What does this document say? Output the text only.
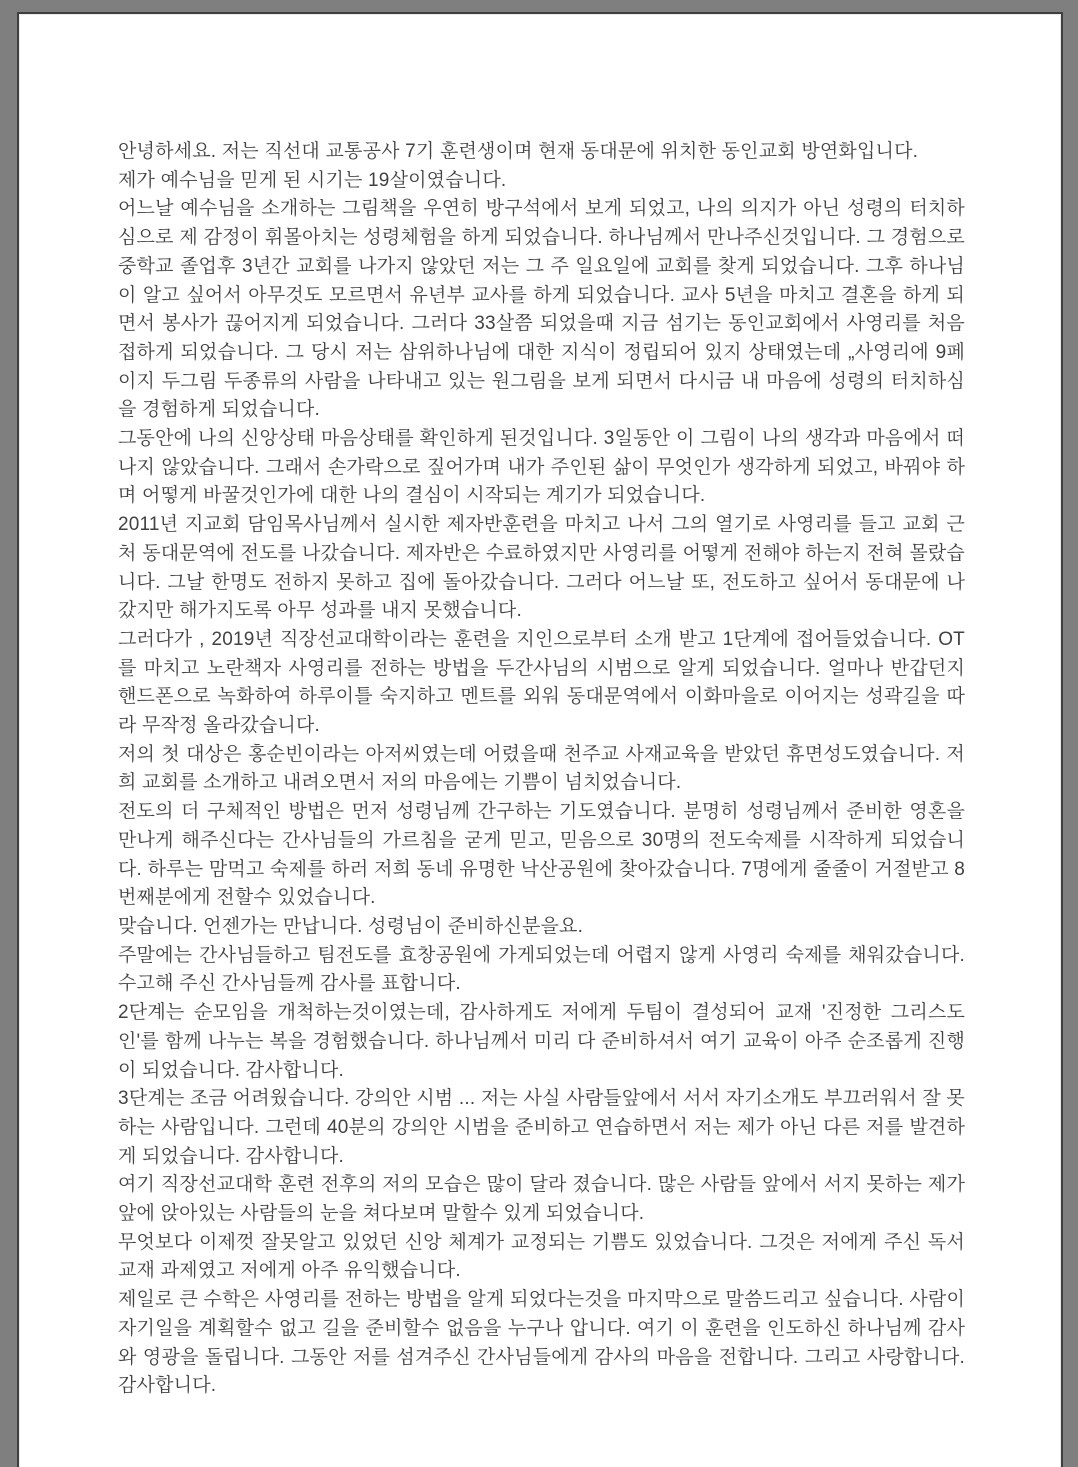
안녕하세요. 저는 직선대 교통공사 7기 훈련생이며 현재 동대문에 위치한 동인교회 방연화입니다.

제가 예수님을 믿게 된 시기는 19살이였습니다.

어느날 예수님을 소개하는 그림책을 우연히 방구석에서 보게 되었고, 나의 의지가 아닌 성령의 터치하심으로 제 감정이 휘몰아치는 성령체험을 하게 되었습니다. 하나님께서 만나주신것입니다. 그 경험으로 중학교 졸업후 3년간 교회를 나가지 않았던 저는 그 주 일요일에 교회를 찾게 되었습니다. 그후 하나님이 알고 싶어서 아무것도 모르면서 유년부 교사를 하게 되었습니다. 교사 5년을 마치고 결혼을 하게 되면서 봉사가 끊어지게 되었습니다. 그러다 33살쯤 되었을때 지금 섬기는 동인교회에서 사영리를 처음 접하게 되었습니다. 그 당시 저는 삼위하나님에 대한 지식이 정립되어 있지 상태였는데 „사영리에 9페이지 두그림 두종류의 사람을 나타내고 있는 원그림을 보게 되면서 다시금 내 마음에 성령의 터치하심을 경험하게 되었습니다.

그동안에 나의 신앙상태 마음상태를 확인하게 된것입니다. 3일동안 이 그림이 나의 생각과 마음에서 떠나지 않았습니다. 그래서 손가락으로 짚어가며 내가 주인된 삶이 무엇인가 생각하게 되었고, 바꿔야 하며 어떻게 바꿀것인가에 대한 나의 결심이 시작되는 계기가 되었습니다.

2011년 지교회 담임목사님께서 실시한 제자반훈련을 마치고 나서 그의 열기로 사영리를 들고 교회 근처 동대문역에 전도를 나갔습니다. 제자반은 수료하였지만 사영리를 어떻게 전해야 하는지 전혀 몰랐습니다. 그날 한명도 전하지 못하고 집에 돌아갔습니다. 그러다 어느날 또, 전도하고 싶어서 동대문에 나갔지만 해가지도록 아무 성과를 내지 못했습니다.

그러다가 , 2019년 직장선교대학이라는 훈련을 지인으로부터 소개 받고 1단계에 접어들었습니다. OT를 마치고 노란책자 사영리를 전하는 방법을 두간사님의 시범으로 알게 되었습니다. 얼마나 반갑던지 핸드폰으로 녹화하여 하루이틀 숙지하고 멘트를 외워 동대문역에서 이화마을로 이어지는 성곽길을 따라 무작정 올라갔습니다.

저의 첫 대상은 홍순빈이라는 아저씨였는데 어렸을때 천주교 사재교육을 받았던 휴면성도였습니다. 저희 교회를 소개하고 내려오면서 저의 마음에는 기쁨이 넘치었습니다.

전도의 더 구체적인 방법은 먼저 성령님께 간구하는 기도였습니다. 분명히 성령님께서 준비한 영혼을 만나게 해주신다는 간사님들의 가르침을 굳게 믿고, 믿음으로 30명의 전도숙제를 시작하게 되었습니다. 하루는 맘먹고 숙제를 하러 저희 동네 유명한 낙산공원에 찾아갔습니다. 7명에게 줄줄이 거절받고 8번째분에게 전할수 있었습니다.

맞습니다. 언젠가는 만납니다. 성령님이 준비하신분을요.

주말에는 간사님들하고 팀전도를 효창공원에 가게되었는데 어렵지 않게 사영리 숙제를 채워갔습니다. 수고해 주신 간사님들께 감사를 표합니다.

2단계는 순모임을 개척하는것이였는데, 감사하게도 저에게 두팀이 결성되어 교재 '진정한 그리스도인'를 함께 나누는 복을 경험했습니다. 하나님께서 미리 다 준비하셔서 여기 교육이 아주 순조롭게 진행이 되었습니다. 감사합니다.

3단계는 조금 어려웠습니다. 강의안 시범 ... 저는 사실 사람들앞에서 서서 자기소개도 부끄러워서 잘 못하는 사람입니다. 그런데 40분의 강의안 시범을 준비하고 연습하면서 저는 제가 아닌 다른 저를 발견하게 되었습니다. 감사합니다.

여기 직장선교대학 훈련 전후의 저의 모습은 많이 달라 졌습니다. 많은 사람들 앞에서 서지 못하는 제가 앞에 앉아있는 사람들의 눈을 쳐다보며 말할수 있게 되었습니다.

무엇보다 이제껏 잘못알고 있었던 신앙 체계가 교정되는 기쁨도 있었습니다. 그것은 저에게 주신 독서교재 과제였고 저에게 아주 유익했습니다.

제일로 큰 수학은 사영리를 전하는 방법을 알게 되었다는것을 마지막으로 말씀드리고 싶습니다. 사람이 자기일을 계획할수 없고 길을 준비할수 없음을 누구나 압니다. 여기 이 훈련을 인도하신 하나님께 감사와 영광을 돌립니다. 그동안 저를 섬겨주신 간사님들에게 감사의 마음을 전합니다. 그리고 사랑합니다. 감사합니다.
